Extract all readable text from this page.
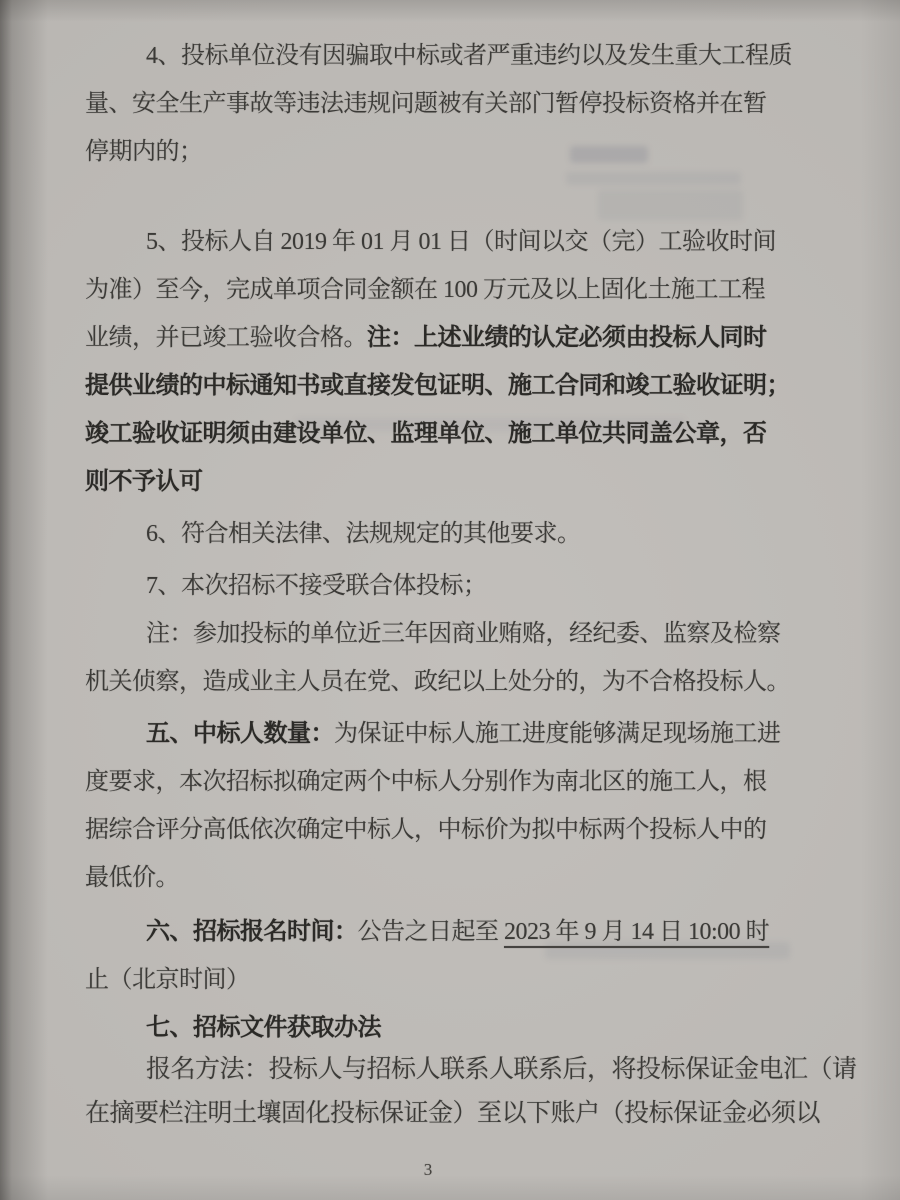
4、投标单位没有因骗取中标或者严重违约以及发生重大工程质
量、安全生产事故等违法违规问题被有关部门暂停投标资格并在暂
停期内的；
5、投标人自 2019 年 01 月 01 日（时间以交（完）工验收时间
为准）至今，完成单项合同金额在 100 万元及以上固化土施工工程
业绩，并已竣工验收合格。注：上述业绩的认定必须由投标人同时
提供业绩的中标通知书或直接发包证明、施工合同和竣工验收证明；
竣工验收证明须由建设单位、监理单位、施工单位共同盖公章，否
则不予认可
6、符合相关法律、法规规定的其他要求。
7、本次招标不接受联合体投标；
注：参加投标的单位近三年因商业贿赂，经纪委、监察及检察
机关侦察，造成业主人员在党、政纪以上处分的，为不合格投标人。
五、中标人数量：为保证中标人施工进度能够满足现场施工进
度要求，本次招标拟确定两个中标人分别作为南北区的施工人，根
据综合评分高低依次确定中标人，中标价为拟中标两个投标人中的
最低价。
六、招标报名时间：公告之日起至 2023 年 9 月 14 日 10:00 时
止（北京时间）
七、招标文件获取办法
报名方法：投标人与招标人联系人联系后，将投标保证金电汇（请
在摘要栏注明土壤固化投标保证金）至以下账户（投标保证金必须以
3
